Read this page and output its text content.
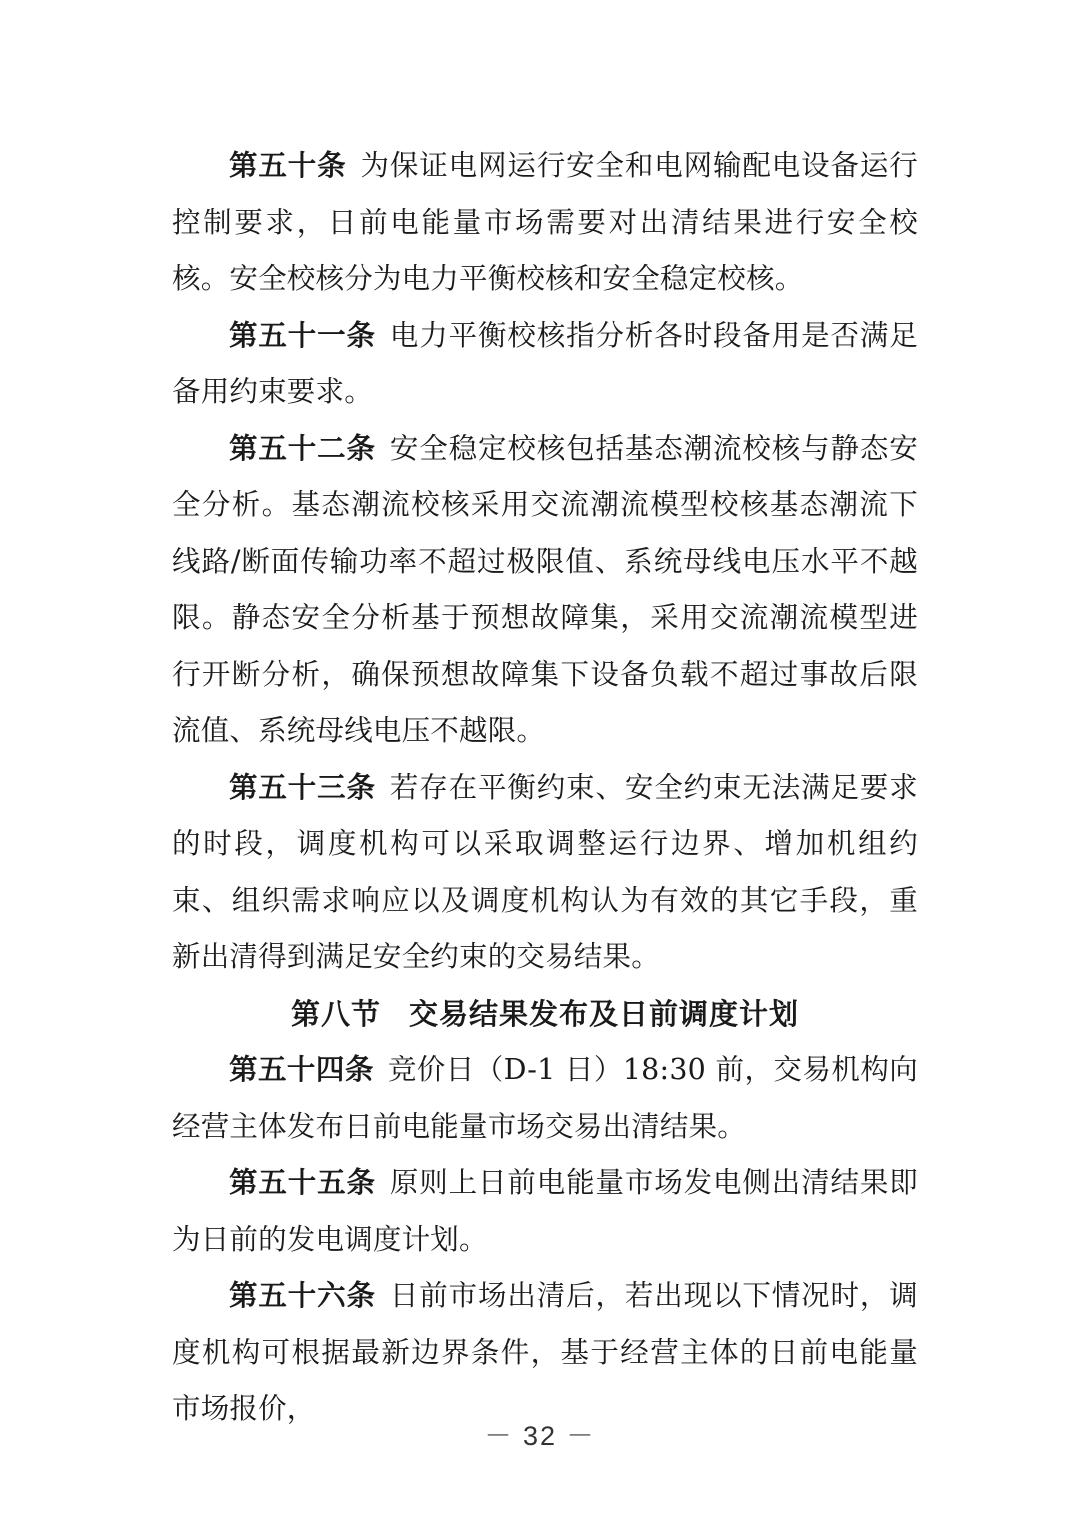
第五十条 为保证电网运行安全和电网输配电设备运行控制要求，日前电能量市场需要对出清结果进行安全校核。安全校核分为电力平衡校核和安全稳定校核。

第五十一条 电力平衡校核指分析各时段备用是否满足备用约束要求。

第五十二条 安全稳定校核包括基态潮流校核与静态安全分析。基态潮流校核采用交流潮流模型校核基态潮流下线路/断面传输功率不超过极限值、系统母线电压水平不越限。静态安全分析基于预想故障集，采用交流潮流模型进行开断分析，确保预想故障集下设备负载不超过事故后限流值、系统母线电压不越限。

第五十三条 若存在平衡约束、安全约束无法满足要求的时段，调度机构可以采取调整运行边界、增加机组约束、组织需求响应以及调度机构认为有效的其它手段，重新出清得到满足安全约束的交易结果。

第八节 交易结果发布及日前调度计划

第五十四条 竞价日（D-1 日）18:30 前，交易机构向经营主体发布日前电能量市场交易出清结果。

第五十五条 原则上日前电能量市场发电侧出清结果即为日前的发电调度计划。

第五十六条 日前市场出清后，若出现以下情况时，调度机构可根据最新边界条件，基于经营主体的日前电能量市场报价，

－ 32 －
